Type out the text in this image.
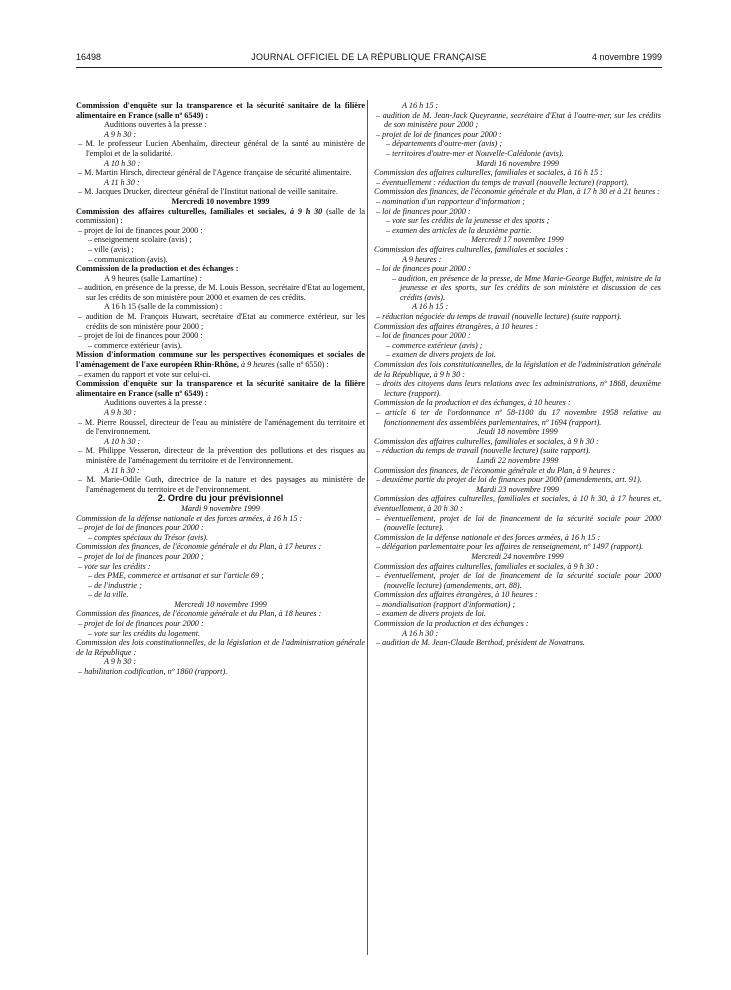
16498	JOURNAL OFFICIEL DE LA RÉPUBLIQUE FRANÇAISE	4 novembre 1999
Commission d'enquête sur la transparence et la sécurité sanitaire de la filière alimentaire en France (salle nº 6549) :
Auditions ouvertes à la presse :
A 9 h 30 :
– M. le professeur Lucien Abenhaïm, directeur général de la santé au ministère de l'emploi et de la solidarité.
A 10 h 30 :
– M. Martin Hirsch, directeur général de l'Agence française de sécurité alimentaire.
A 11 h 30 :
– M. Jacques Drucker, directeur général de l'Institut national de veille sanitaire.
Mercredi 10 novembre 1999
Commission des affaires culturelles, familiales et sociales, à 9 h 30 (salle de la commission) :
– projet de loi de finances pour 2000 :
– enseignement scolaire (avis) ;
– ville (avis) ;
– communication (avis).
Commission de la production et des échanges :
A 9 heures (salle Lamartine) :
– audition, en présence de la presse, de M. Louis Besson, secrétaire d'Etat au logement, sur les crédits de son ministère pour 2000 et examen de ces crédits.
A 16 h 15 (salle de la commission) :
– audition de M. François Huwart, secrétaire d'Etat au commerce extérieur, sur les crédits de son ministère pour 2000 ;
– projet de loi de finances pour 2000 :
– commerce extérieur (avis).
Mission d'information commune sur les perspectives économiques et sociales de l'aménagement de l'axe européen Rhin-Rhône, à 9 heures (salle nº 6550) :
– examen du rapport et vote sur celui-ci.
Commission d'enquête sur la transparence et la sécurité sanitaire de la filière alimentaire en France (salle nº 6549) :
Auditions ouvertes à la presse :
A 9 h 30 :
– M. Pierre Roussel, directeur de l'eau au ministère de l'aménagement du territoire et de l'environnement.
A 10 h 30 :
– M. Philippe Vesseron, directeur de la prévention des pollutions et des risques au ministère de l'aménagement du territoire et de l'environnement.
A 11 h 30 :
– M. Marie-Odile Guth, directrice de la nature et des paysages au ministère de l'aménagement du territoire et de l'environnement.
2. Ordre du jour prévisionnel
Mardi 9 novembre 1999
Commission de la défense nationale et des forces armées, à 16 h 15 :
– projet de loi de finances pour 2000 :
– comptes spéciaux du Trésor (avis).
Commission des finances, de l'économie générale et du Plan, à 17 heures :
– projet de loi de finances pour 2000 ;
– vote sur les crédits :
– des PME, commerce et artisanat et sur l'article 69 ;
– de l'industrie ;
– de la ville.
Mercredi 10 novembre 1999
Commission des finances, de l'économie générale et du Plan, à 18 heures :
– projet de loi de finances pour 2000 :
– vote sur les crédits du logement.
Commission des lois constitutionnelles, de la législation et de l'administration générale de la République :
A 9 h 30 :
– habilitation codification, nº 1860 (rapport).
A 16 h 15 :
– audition de M. Jean-Jack Queyranne, secrétaire d'Etat à l'outre-mer, sur les crédits de son ministère pour 2000 ;
– projet de loi de finances pour 2000 :
– départements d'outre-mer (avis) ;
– territoires d'outre-mer et Nouvelle-Calédonie (avis).
Mardi 16 novembre 1999
Commission des affaires culturelles, familiales et sociales, à 16 h 15 :
– éventuellement : réduction du temps de travail (nouvelle lecture) (rapport).
Commission des finances, de l'économie générale et du Plan, à 17 h 30 et à 21 heures :
– nomination d'un rapporteur d'information ;
– loi de finances pour 2000 :
– vote sur les crédits de la jeunesse et des sports ;
– examen des articles de la deuxième partie.
Mercredi 17 novembre 1999
Commission des affaires culturelles, familiales et sociales :
A 9 heures :
– loi de finances pour 2000 :
– audition, en présence de la presse, de Mme Marie-George Buffet, ministre de la jeunesse et des sports, sur les crédits de son ministère et discussion de ces crédits (avis).
A 16 h 15 :
– réduction négociée du temps de travail (nouvelle lecture) (suite rapport).
Commission des affaires étrangères, à 10 heures :
– loi de finances pour 2000 :
– commerce extérieur (avis) ;
– examen de divers projets de loi.
Commission des lois constitutionnelles, de la législation et de l'administration générale de la République, à 9 h 30 :
– droits des citoyens dans leurs relations avec les administrations, nº 1868, deuxième lecture (rapport).
Commission de la production et des échanges, à 10 heures :
– article 6 ter de l'ordonnance nº 58-1100 du 17 novembre 1958 relative au fonctionnement des assemblées parlementaires, nº 1694 (rapport).
Jeudi 18 novembre 1999
Commission des affaires culturelles, familiales et sociales, à 9 h 30 :
– réduction du temps de travail (nouvelle lecture) (suite rapport).
Lundi 22 novembre 1999
Commission des finances, de l'économie générale et du Plan, à 9 heures :
– deuxième partie du projet de loi de finances pour 2000 (amendements, art. 91).
Mardi 23 novembre 1999
Commission des affaires culturelles, familiales et sociales, à 10 h 30, à 17 heures et, éventuellement, à 20 h 30 :
– éventuellement, projet de loi de financement de la sécurité sociale pour 2000 (nouvelle lecture).
Commission de la défense nationale et des forces armées, à 16 h 15 :
– délégation parlementaire pour les affaires de renseignement, nº 1497 (rapport).
Mercredi 24 novembre 1999
Commission des affaires culturelles, familiales et sociales, à 9 h 30 :
– éventuellement, projet de loi de financement de la sécurité sociale pour 2000 (nouvelle lecture) (amendements, art. 88).
Commission des affaires étrangères, à 10 heures :
– mondialisation (rapport d'information) ;
– examen de divers projets de loi.
Commission de la production et des échanges :
A 16 h 30 :
– audition de M. Jean-Claude Berthod, président de Novatrans.
